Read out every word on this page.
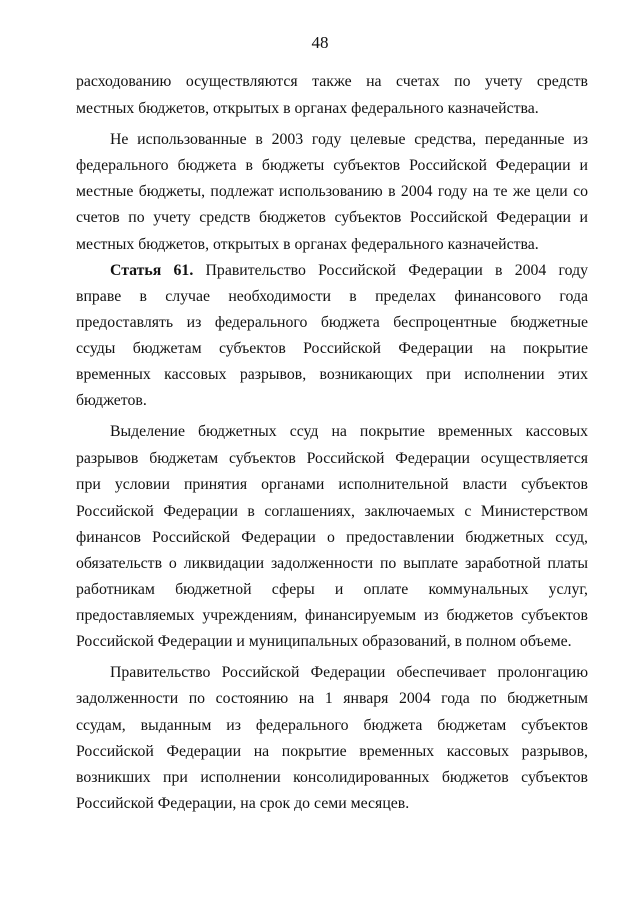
48
расходованию осуществляются также на счетах по учету средств
местных бюджетов, открытых в органах федерального казначейства.
Не использованные в 2003 году целевые средства, переданные из
федерального бюджета в бюджеты субъектов Российской Федерации и
местные бюджеты, подлежат использованию в 2004 году на те же цели со
счетов по учету средств бюджетов субъектов Российской Федерации и
местных бюджетов, открытых в органах федерального казначейства.
Статья 61. Правительство Российской Федерации в 2004 году
вправе в случае необходимости в пределах финансового года
предоставлять из федерального бюджета беспроцентные бюджетные
ссуды бюджетам субъектов Российской Федерации на покрытие
временных кассовых разрывов, возникающих при исполнении этих
бюджетов.
Выделение бюджетных ссуд на покрытие временных кассовых
разрывов бюджетам субъектов Российской Федерации осуществляется
при условии принятия органами исполнительной власти субъектов
Российской Федерации в соглашениях, заключаемых с Министерством
финансов Российской Федерации о предоставлении бюджетных ссуд,
обязательств о ликвидации задолженности по выплате заработной платы
работникам бюджетной сферы и оплате коммунальных услуг,
предоставляемых учреждениям, финансируемым из бюджетов субъектов
Российской Федерации и муниципальных образований, в полном объеме.
Правительство Российской Федерации обеспечивает пролонгацию
задолженности по состоянию на 1 января 2004 года по бюджетным
ссудам, выданным из федерального бюджета бюджетам субъектов
Российской Федерации на покрытие временных кассовых разрывов,
возникших при исполнении консолидированных бюджетов субъектов
Российской Федерации, на срок до семи месяцев.
